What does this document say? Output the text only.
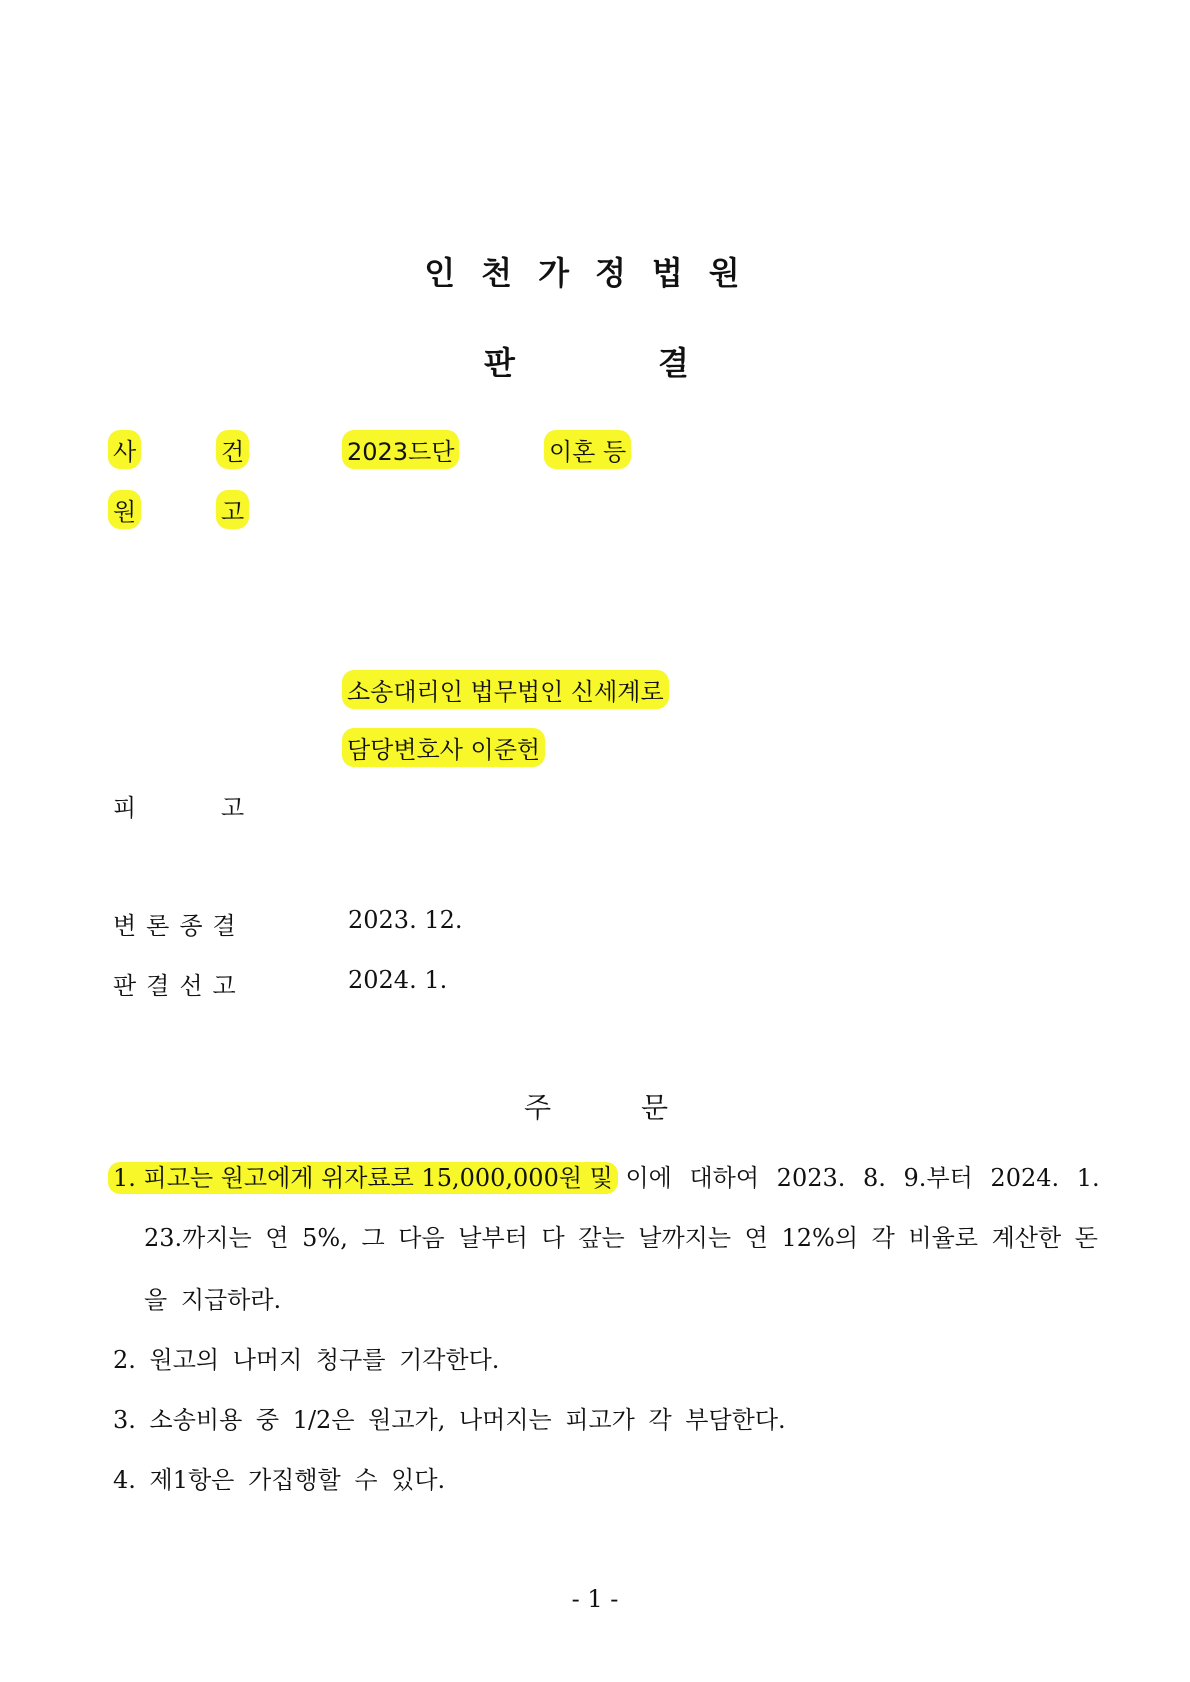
인천가정법원
판	결
사	건	2023드단	이혼 등
원	고
소송대리인 법무법인 신세계로
담당변호사 이준헌
피	고
변론종결	2023. 12.
판결선고	2024. 1.
주	문
1. 피고는 원고에게 위자료로 15,000,000원 및 이에 대하여 2023. 8. 9.부터 2024. 1.
23.까지는 연 5%, 그 다음 날부터 다 갚는 날까지는 연 12%의 각 비율로 계산한 돈
을 지급하라.
2. 원고의 나머지 청구를 기각한다.
3. 소송비용 중 1/2은 원고가, 나머지는 피고가 각 부담한다.
4. 제1항은 가집행할 수 있다.
- 1 -
